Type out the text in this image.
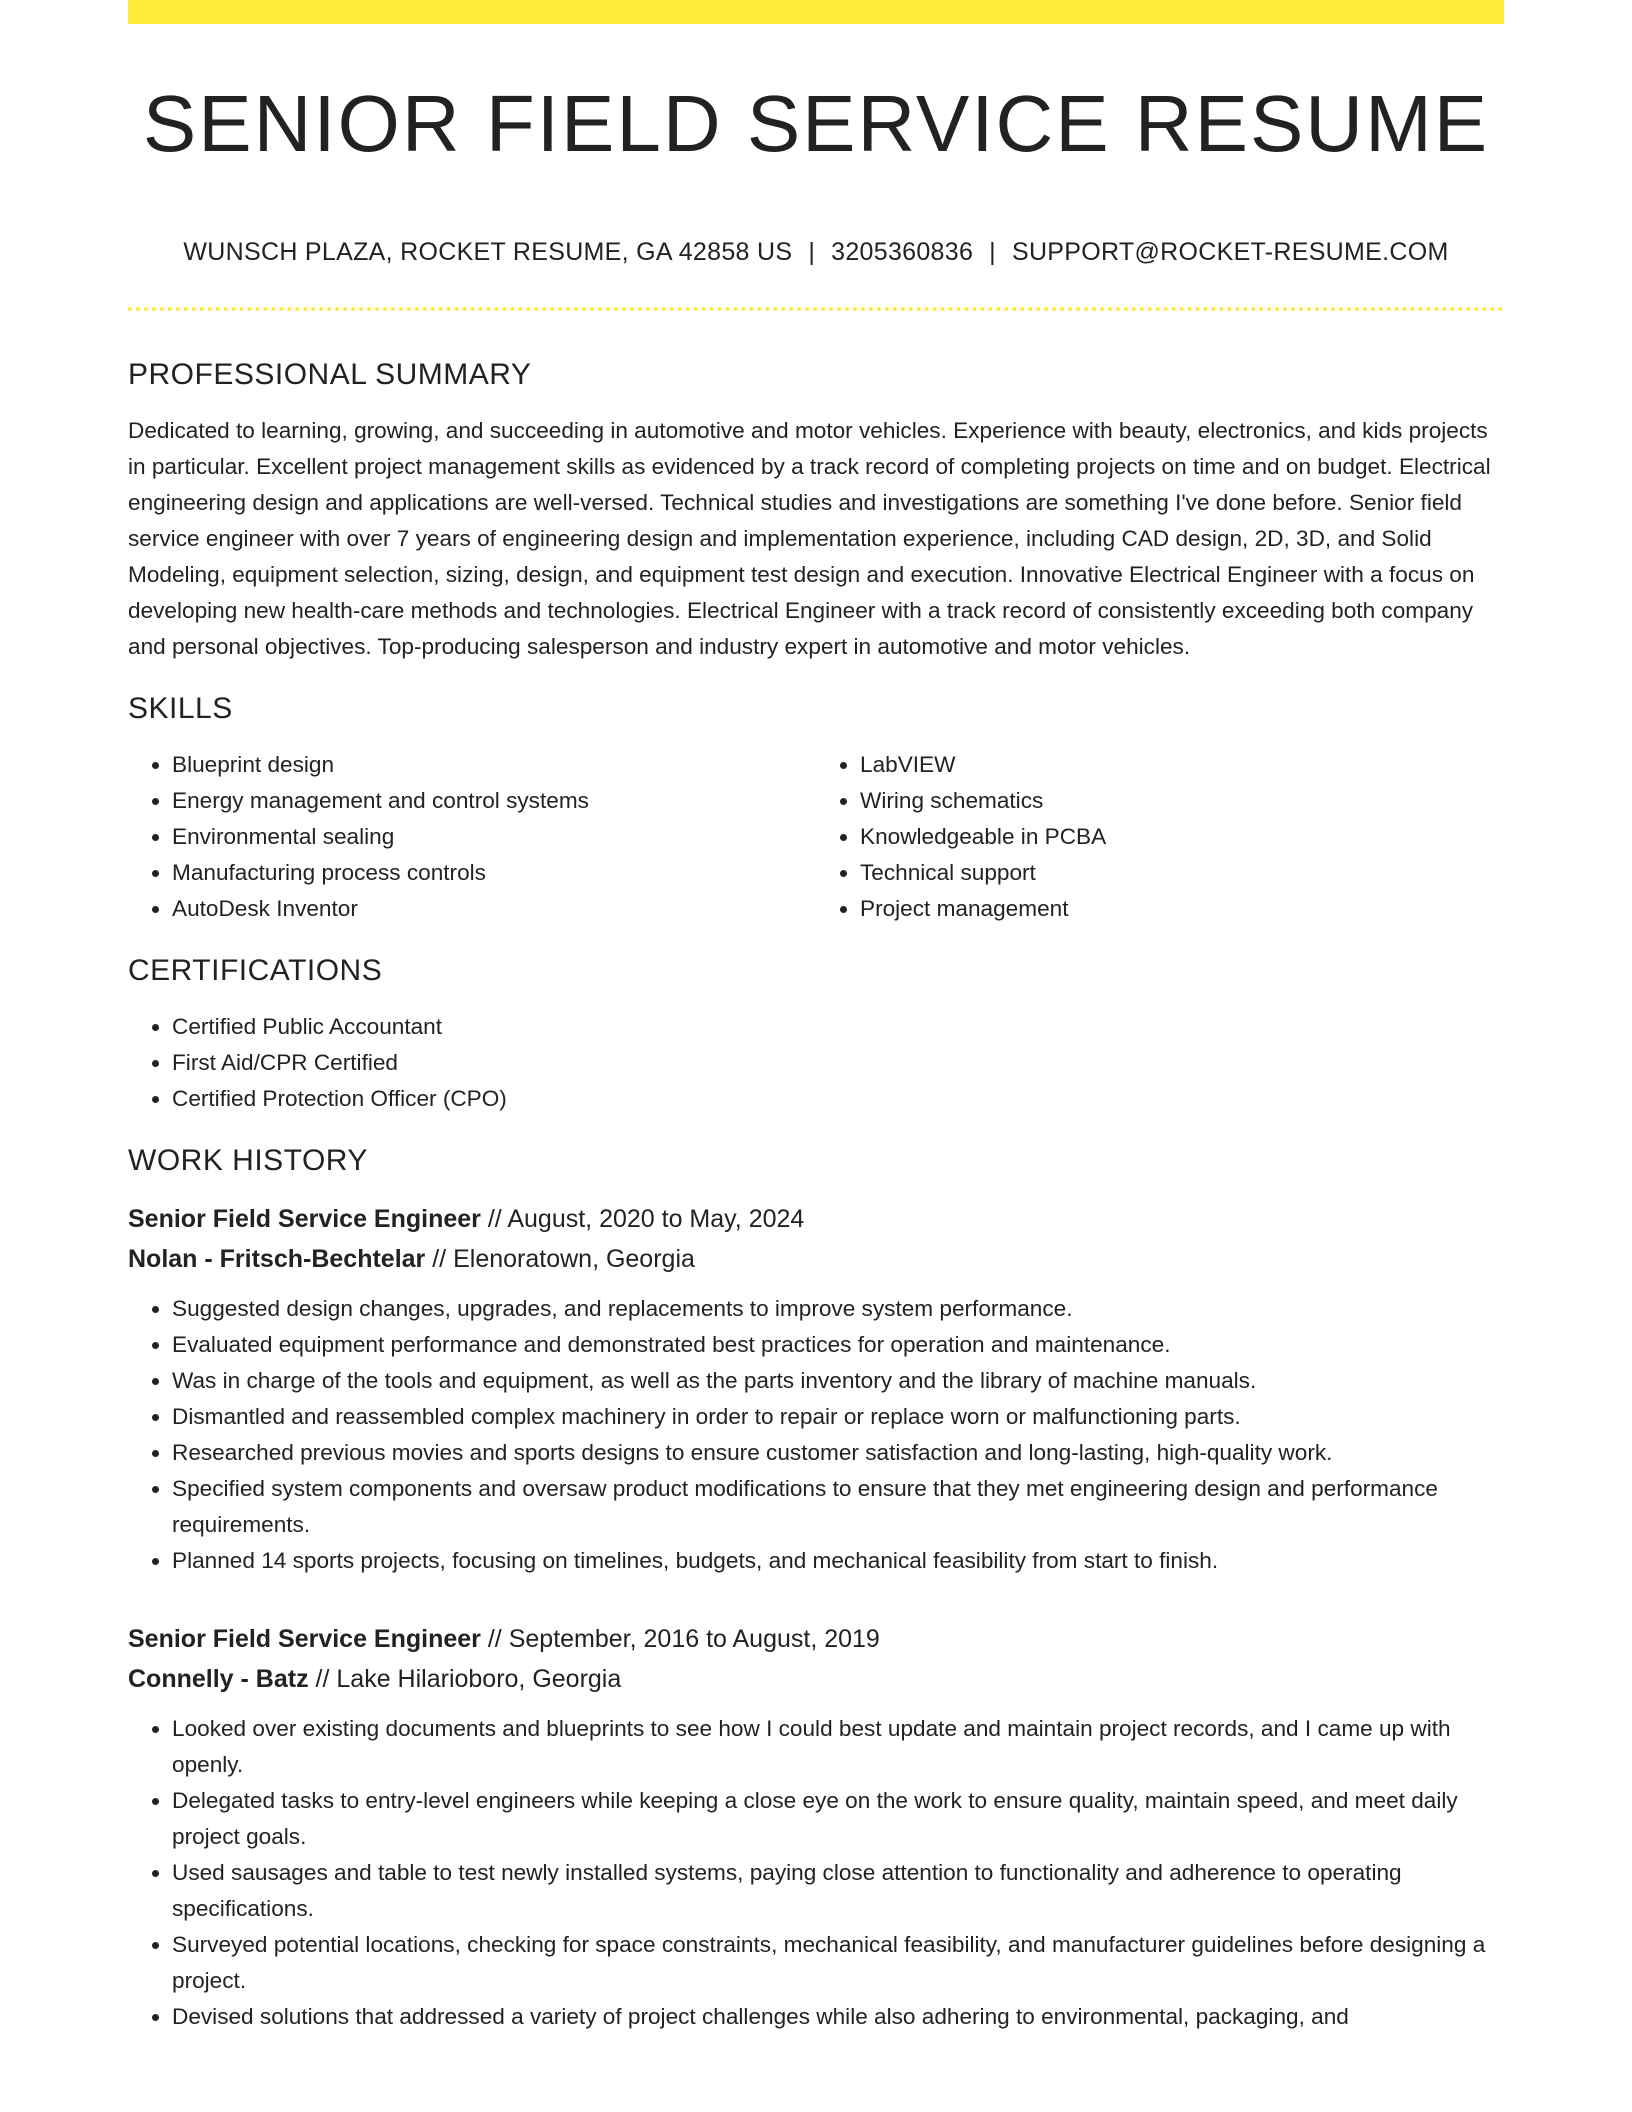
SENIOR FIELD SERVICE RESUME
WUNSCH PLAZA, ROCKET RESUME, GA 42858 US | 3205360836 | SUPPORT@ROCKET-RESUME.COM
PROFESSIONAL SUMMARY

Dedicated to learning, growing, and succeeding in automotive and motor vehicles. Experience with beauty, electronics, and kids projects in particular. Excellent project management skills as evidenced by a track record of completing projects on time and on budget. Electrical engineering design and applications are well-versed. Technical studies and investigations are something I've done before. Senior field service engineer with over 7 years of engineering design and implementation experience, including CAD design, 2D, 3D, and Solid Modeling, equipment selection, sizing, design, and equipment test design and execution. Innovative Electrical Engineer with a focus on developing new health-care methods and technologies. Electrical Engineer with a track record of consistently exceeding both company and personal objectives. Top-producing salesperson and industry expert in automotive and motor vehicles.

SKILLS
• Blueprint design
• Energy management and control systems
• Environmental sealing
• Manufacturing process controls
• AutoDesk Inventor
• LabVIEW
• Wiring schematics
• Knowledgeable in PCBA
• Technical support
• Project management
CERTIFICATIONS
• Certified Public Accountant
• First Aid/CPR Certified
• Certified Protection Officer (CPO)
WORK HISTORY
Senior Field Service Engineer // August, 2020 to May, 2024
Nolan - Fritsch-Bechtelar // Elenoratown, Georgia
• Suggested design changes, upgrades, and replacements to improve system performance.
• Evaluated equipment performance and demonstrated best practices for operation and maintenance.
• Was in charge of the tools and equipment, as well as the parts inventory and the library of machine manuals.
• Dismantled and reassembled complex machinery in order to repair or replace worn or malfunctioning parts.
• Researched previous movies and sports designs to ensure customer satisfaction and long-lasting, high-quality work.
• Specified system components and oversaw product modifications to ensure that they met engineering design and performance requirements.
• Planned 14 sports projects, focusing on timelines, budgets, and mechanical feasibility from start to finish.
Senior Field Service Engineer // September, 2016 to August, 2019
Connelly - Batz // Lake Hilarioboro, Georgia
• Looked over existing documents and blueprints to see how I could best update and maintain project records, and I came up with openly.
• Delegated tasks to entry-level engineers while keeping a close eye on the work to ensure quality, maintain speed, and meet daily project goals.
• Used sausages and table to test newly installed systems, paying close attention to functionality and adherence to operating specifications.
• Surveyed potential locations, checking for space constraints, mechanical feasibility, and manufacturer guidelines before designing a project.
• Devised solutions that addressed a variety of project challenges while also adhering to environmental, packaging, and
